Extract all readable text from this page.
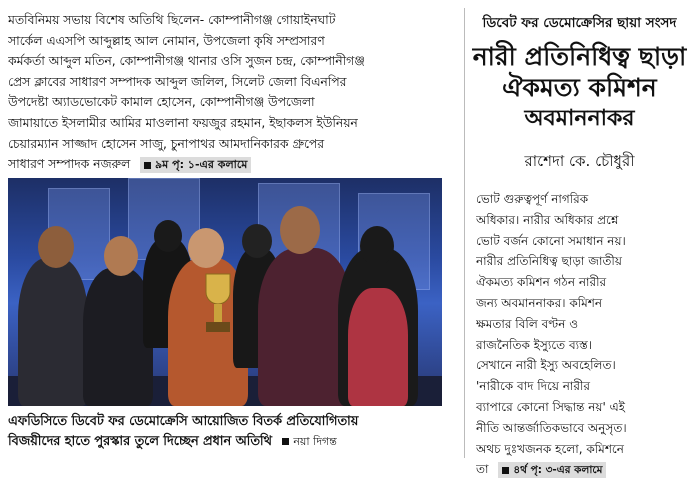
মতবিনিময় সভায় বিশেষ অতিথি ছিলেন- কোম্পানীগঞ্জ গোয়াইনঘাট
সার্কেল এএসপি আব্দুল্লাহ আল নোমান, উপজেলা কৃষি সম্প্রসারণ
কর্মকর্তা আব্দুল মতিন, কোম্পানীগঞ্জ থানার ওসি সুজন চন্দ্র, কোম্পানীগঞ্জ
প্রেস ক্লাবের সাধারণ সম্পাদক আব্দুল জলিল, সিলেট জেলা বিএনপির
উপদেষ্টা অ্যাডভোকেট কামাল হোসেন, কোম্পানীগঞ্জ উপজেলা
জামায়াতে ইসলামীর আমির মাওলানা ফয়জুর রহমান, ইছাকলস ইউনিয়ন
চেয়ারম্যান সাজ্জাদ হোসেন সাজু, চুনাপাথর আমদানিকারক গ্রুপের
সাধারণ সম্পাদক নজরুল ৯ম পৃ: ১-এর কলামে
এফডিসিতে ডিবেট ফর ডেমোক্রেসি আয়োজিত বিতর্ক প্রতিযোগিতায়
বিজয়ীদের হাতে পুরস্কার তুলে দিচ্ছেন প্রধান অতিথি নয়া দিগন্ত
ডিবেট ফর ডেমোক্রেসির ছায়া সংসদ
নারী প্রতিনিধিত্ব ছাড়া
ঐকমত্য কমিশন
অবমাননাকর
রাশেদা কে. চৌধুরী
ভোট গুরুত্বপূর্ণ নাগরিক
অধিকার। নারীর অধিকার প্রশ্নে
ভোট বর্জন কোনো সমাধান নয়।
নারীর প্রতিনিধিত্ব ছাড়া জাতীয়
ঐকমত্য কমিশন গঠন নারীর
জন্য অবমাননাকর। কমিশন
ক্ষমতার বিলি বণ্টন ও
রাজনৈতিক ইস্যুতে ব্যস্ত।
সেখানে নারী ইস্যু অবহেলিত।
'নারীকে বাদ দিয়ে নারীর
ব্যাপারে কোনো সিদ্ধান্ত নয়' এই
নীতি আন্তর্জাতিকভাবে অনুসৃত।
অথচ দুঃখজনক হলো, কমিশনে
তা ৪র্থ পৃ: ৩-এর কলামে
